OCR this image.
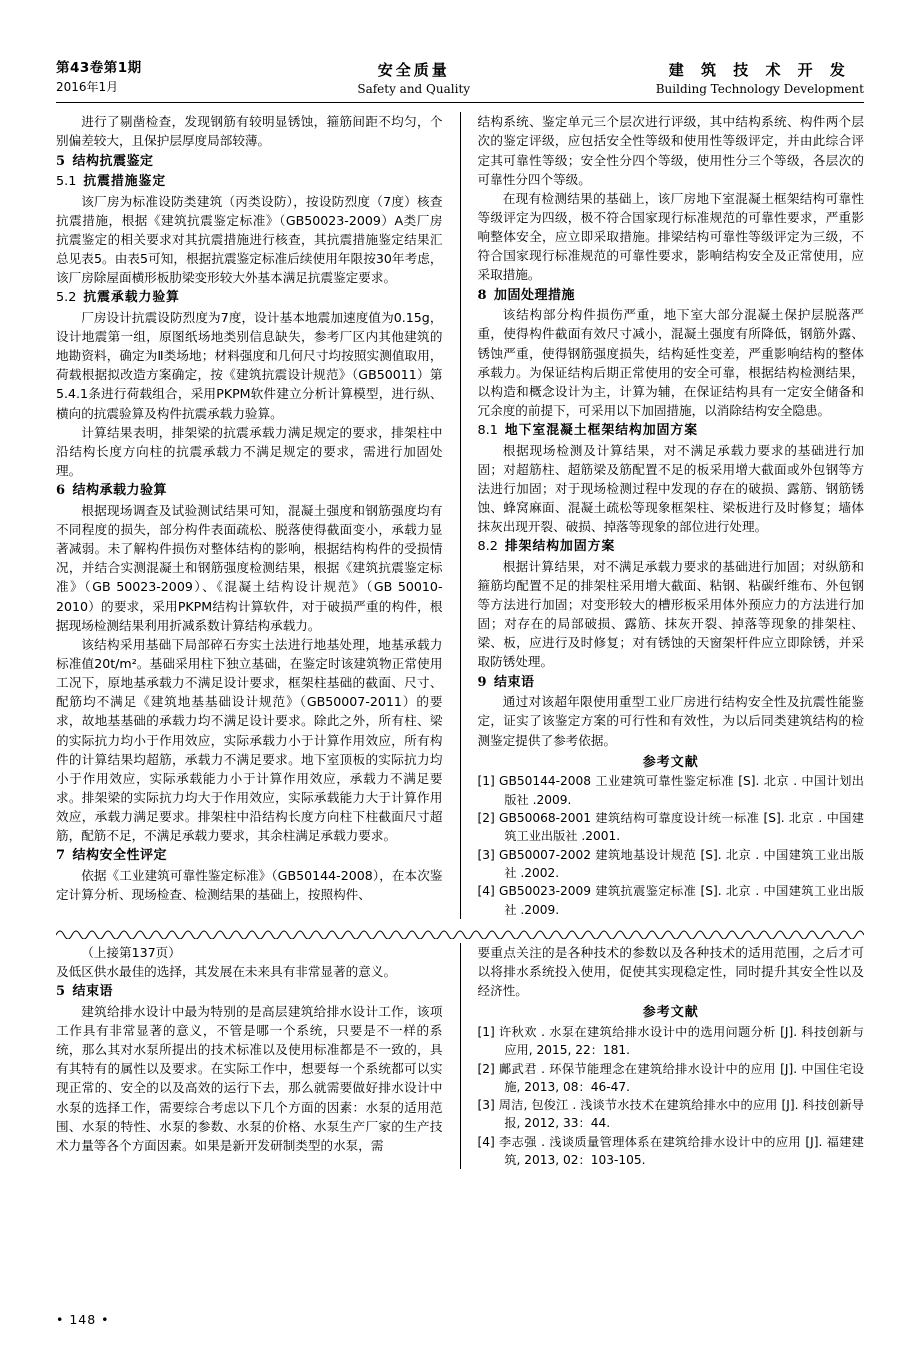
第43卷第1期
2016年1月
安全质量
Safety and Quality
建 筑 技 术 开 发
Building Technology Development

进行了剔凿检查，发现钢筋有较明显锈蚀，箍筋间距不均匀，个别偏差较大，且保护层厚度局部较薄。

5 结构抗震鉴定
5.1 抗震措施鉴定

该厂房为标准设防类建筑（丙类设防），按设防烈度（7度）核查抗震措施，根据《建筑抗震鉴定标准》（GB50023-2009）A类厂房抗震鉴定的相关要求对其抗震措施进行核查，其抗震措施鉴定结果汇总见表5。由表5可知，根据抗震鉴定标准后续使用年限按30年考虑，该厂房除屋面横形板肋梁变形较大外基本满足抗震鉴定要求。

5.2 抗震承载力验算

厂房设计抗震设防烈度为7度，设计基本地震加速度值为0.15g，设计地震第一组，原图纸场地类别信息缺失，参考厂区内其他建筑的地勘资料，确定为Ⅱ类场地；材料强度和几何尺寸均按照实测值取用，荷载根据拟改造方案确定，按《建筑抗震设计规范》（GB50011）第5.4.1条进行荷载组合，采用PKPM软件建立分析计算模型，进行纵、横向的抗震验算及构件抗震承载力验算。

计算结果表明，排架梁的抗震承载力满足规定的要求，排架柱中沿结构长度方向柱的抗震承载力不满足规定的要求，需进行加固处理。

6 结构承载力验算

根据现场调查及试验测试结果可知，混凝土强度和钢筋强度均有不同程度的损失，部分构件表面疏松、脱落使得截面变小，承载力显著减弱。未了解构件损伤对整体结构的影响，根据结构构件的受损情况，并结合实测混凝土和钢筋强度检测结果，根据《建筑抗震鉴定标准》（GB 50023-2009）、《混凝土结构设计规范》（GB 50010-2010）的要求，采用PKPM结构计算软件，对于破损严重的构件，根据现场检测结果利用折减系数计算结构承载力。

该结构采用基础下局部碎石夯实土法进行地基处理，地基承载力标准值20t/m²。基础采用柱下独立基础，在鉴定时该建筑物正常使用工况下，原地基承载力不满足设计要求，框架柱基础的截面、尺寸、配筋均不满足《建筑地基基础设计规范》（GB50007-2011）的要求，故地基基础的承载力均不满足设计要求。除此之外，所有柱、梁的实际抗力均小于作用效应，实际承载力小于计算作用效应，所有构件的计算结果均超筋，承载力不满足要求。地下室顶板的实际抗力均小于作用效应，实际承载能力小于计算作用效应，承载力不满足要求。排架梁的实际抗力均大于作用效应，实际承载能力大于计算作用效应，承载力满足要求。排架柱中沿结构长度方向柱下柱截面尺寸超筋，配筋不足，不满足承载力要求，其余柱满足承载力要求。

7 结构安全性评定

依据《工业建筑可靠性鉴定标准》（GB50144-2008），在本次鉴定计算分析、现场检查、检测结果的基础上，按照构件、

结构系统、鉴定单元三个层次进行评级，其中结构系统、构件两个层次的鉴定评级，应包括安全性等级和使用性等级评定，并由此综合评定其可靠性等级；安全性分四个等级，使用性分三个等级，各层次的可靠性分四个等级。

在现有检测结果的基础上，该厂房地下室混凝土框架结构可靠性等级评定为四级，极不符合国家现行标准规范的可靠性要求，严重影响整体安全，应立即采取措施。排梁结构可靠性等级评定为三级，不符合国家现行标准规范的可靠性要求，影响结构安全及正常使用，应采取措施。

8 加固处理措施

该结构部分构件损伤严重，地下室大部分混凝土保护层脱落严重，使得构件截面有效尺寸减小，混凝土强度有所降低，钢筋外露、锈蚀严重，使得钢筋强度损失，结构延性变差，严重影响结构的整体承载力。为保证结构后期正常使用的安全可靠，根据结构检测结果，以构造和概念设计为主，计算为辅，在保证结构具有一定安全储备和冗余度的前提下，可采用以下加固措施，以消除结构安全隐患。

8.1 地下室混凝土框架结构加固方案

根据现场检测及计算结果，对不满足承载力要求的基础进行加固；对超筋柱、超筋梁及筋配置不足的板采用增大截面或外包钢等方法进行加固；对于现场检测过程中发现的存在的破损、露筋、钢筋锈蚀、蜂窝麻面、混凝土疏松等现象框架柱、梁板进行及时修复；墙体抹灰出现开裂、破损、掉落等现象的部位进行处理。

8.2 排架结构加固方案

根据计算结果，对不满足承载力要求的基础进行加固；对纵筋和箍筋均配置不足的排架柱采用增大截面、粘钢、粘碳纤维布、外包钢等方法进行加固；对变形较大的槽形板采用体外预应力的方法进行加固；对存在的局部破损、露筋、抹灰开裂、掉落等现象的排架柱、梁、板，应进行及时修复；对有锈蚀的天窗架杆件应立即除锈，并采取防锈处理。

9 结束语

通过对该超年限使用重型工业厂房进行结构安全性及抗震性能鉴定，证实了该鉴定方案的可行性和有效性，为以后同类建筑结构的检测鉴定提供了参考依据。

参考文献

[1] GB50144-2008 工业建筑可靠性鉴定标准 [S]. 北京 . 中国计划出版社 .2009.

[2] GB50068-2001 建筑结构可靠度设计统一标准 [S]. 北京 . 中国建筑工业出版社 .2001.

[3] GB50007-2002 建筑地基设计规范 [S]. 北京 . 中国建筑工业出版社 .2002.

[4] GB50023-2009 建筑抗震鉴定标准 [S]. 北京 . 中国建筑工业出版社 .2009.

（上接第137页）

及低区供水最佳的选择，其发展在未来具有非常显著的意义。

5 结束语

建筑给排水设计中最为特别的是高层建筑给排水设计工作，该项工作具有非常显著的意义，不管是哪一个系统，只要是不一样的系统，那么其对水泵所提出的技术标准以及使用标准都是不一致的，具有其特有的属性以及要求。在实际工作中，想要每一个系统都可以实现正常的、安全的以及高效的运行下去，那么就需要做好排水设计中水泵的选择工作，需要综合考虑以下几个方面的因素：水泵的适用范围、水泵的特性、水泵的参数、水泵的价格、水泵生产厂家的生产技术力量等各个方面因素。如果是新开发研制类型的水泵，需

要重点关注的是各种技术的参数以及各种技术的适用范围，之后才可以将排水系统投入使用，促使其实现稳定性，同时提升其安全性以及经济性。

参考文献

[1] 许秋欢 . 水泵在建筑给排水设计中的选用问题分析 [J]. 科技创新与应用, 2015, 22：181.

[2] 鄺武君 . 环保节能理念在建筑给排水设计中的应用 [J]. 中国住宅设施, 2013, 08：46-47.

[3] 周洁, 包俊江 . 浅谈节水技术在建筑给排水中的应用 [J]. 科技创新导报, 2012, 33：44.

[4] 李志强 . 浅谈质量管理体系在建筑给排水设计中的应用 [J]. 福建建筑, 2013, 02：103-105.

• 148 •
